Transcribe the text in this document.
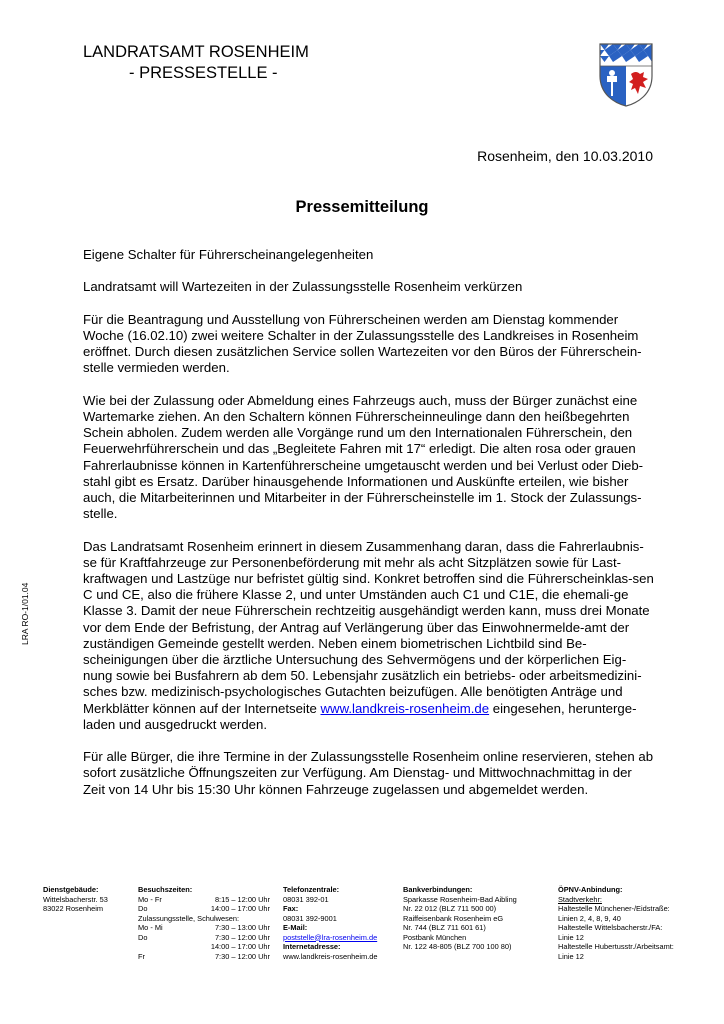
LANDRATSAMT ROSENHEIM
- PRESSESTELLE -
Rosenheim, den 10.03.2010
Pressemitteilung
LRA RO-1/01.04

Eigene Schalter für Führerscheinangelegenheiten

Landratsamt will Wartezeiten in der Zulassungsstelle Rosenheim verkürzen

Für die Beantragung und Ausstellung von Führerscheinen werden am Dienstag kommender Woche (16.02.10) zwei weitere Schalter in der Zulassungsstelle des Landkreises in Rosenheim eröffnet. Durch diesen zusätzlichen Service sollen Wartezeiten vor den Büros der Führerschein-stelle vermieden werden.

Wie bei der Zulassung oder Abmeldung eines Fahrzeugs auch, muss der Bürger zunächst eine Wartemarke ziehen. An den Schaltern können Führerscheinneulinge dann den heißbegehrten Schein abholen. Zudem werden alle Vorgänge rund um den Internationalen Führerschein, den Feuerwehrführerschein und das „Begleitete Fahren mit 17“ erledigt. Die alten rosa oder grauen Fahrerlaubnisse können in Kartenführerscheine umgetauscht werden und bei Verlust oder Dieb-stahl gibt es Ersatz. Darüber hinausgehende Informationen und Auskünfte erteilen, wie bisher auch, die Mitarbeiterinnen und Mitarbeiter in der Führerscheinstelle im 1. Stock der Zulassungs-stelle.

Das Landratsamt Rosenheim erinnert in diesem Zusammenhang daran, dass die Fahrerlaubnis-se für Kraftfahrzeuge zur Personenbeförderung mit mehr als acht Sitzplätzen sowie für Last-kraftwagen und Lastzüge nur befristet gültig sind. Konkret betroffen sind die Führerscheinklas-sen C und CE, also die frühere Klasse 2, und unter Umständen auch C1 und C1E, die ehemali-ge Klasse 3. Damit der neue Führerschein rechtzeitig ausgehändigt werden kann, muss drei Monate vor dem Ende der Befristung, der Antrag auf Verlängerung über das Einwohnermelde-amt der zuständigen Gemeinde gestellt werden. Neben einem biometrischen Lichtbild sind Be-scheinigungen über die ärztliche Untersuchung des Sehvermögens und der körperlichen Eig-nung sowie bei Busfahrern ab dem 50. Lebensjahr zusätzlich ein betriebs- oder arbeitsmedizini-sches bzw. medizinisch-psychologisches Gutachten beizufügen. Alle benötigten Anträge und Merkblätter können auf der Internetseite www.landkreis-rosenheim.de eingesehen, herunterge-laden und ausgedruckt werden.

Für alle Bürger, die ihre Termine in der Zulassungsstelle Rosenheim online reservieren, stehen ab sofort zusätzliche Öffnungszeiten zur Verfügung. Am Dienstag- und Mittwochnachmittag in der Zeit von 14 Uhr bis 15:30 Uhr können Fahrzeuge zugelassen und abgemeldet werden.

Dienstgebäude:
Wittelsbacherstr. 53
83022 Rosenheim
Besuchszeiten:
Mo - Fr	8:15 – 12:00 Uhr
Do	14:00 – 17:00 Uhr
Zulassungsstelle, Schulwesen:
Mo - Mi	7:30 – 13:00 Uhr
Do	7:30 – 12:00 Uhr
14:00 – 17:00 Uhr
Fr	7:30 – 12:00 Uhr
Telefonzentrale:
08031 392-01
Fax:
08031 392-9001
E-Mail:
poststelle@lra-rosenheim.de
Internetadresse:
www.landkreis-rosenheim.de
Bankverbindungen:
Sparkasse Rosenheim-Bad Aibling
Nr. 22 012 (BLZ 711 500 00)
Raiffeisenbank Rosenheim eG
Nr. 744 (BLZ 711 601 61)
Postbank München
Nr. 122 48-805 (BLZ 700 100 80)
ÖPNV-Anbindung:
Stadtverkehr:
Haltestelle Münchener-/Eidstraße:
Linien 2, 4, 8, 9, 40
Haltestelle Wittelsbacherstr./FA:
Linie 12
Haltestelle Hubertusstr./Arbeitsamt:
Linie 12
